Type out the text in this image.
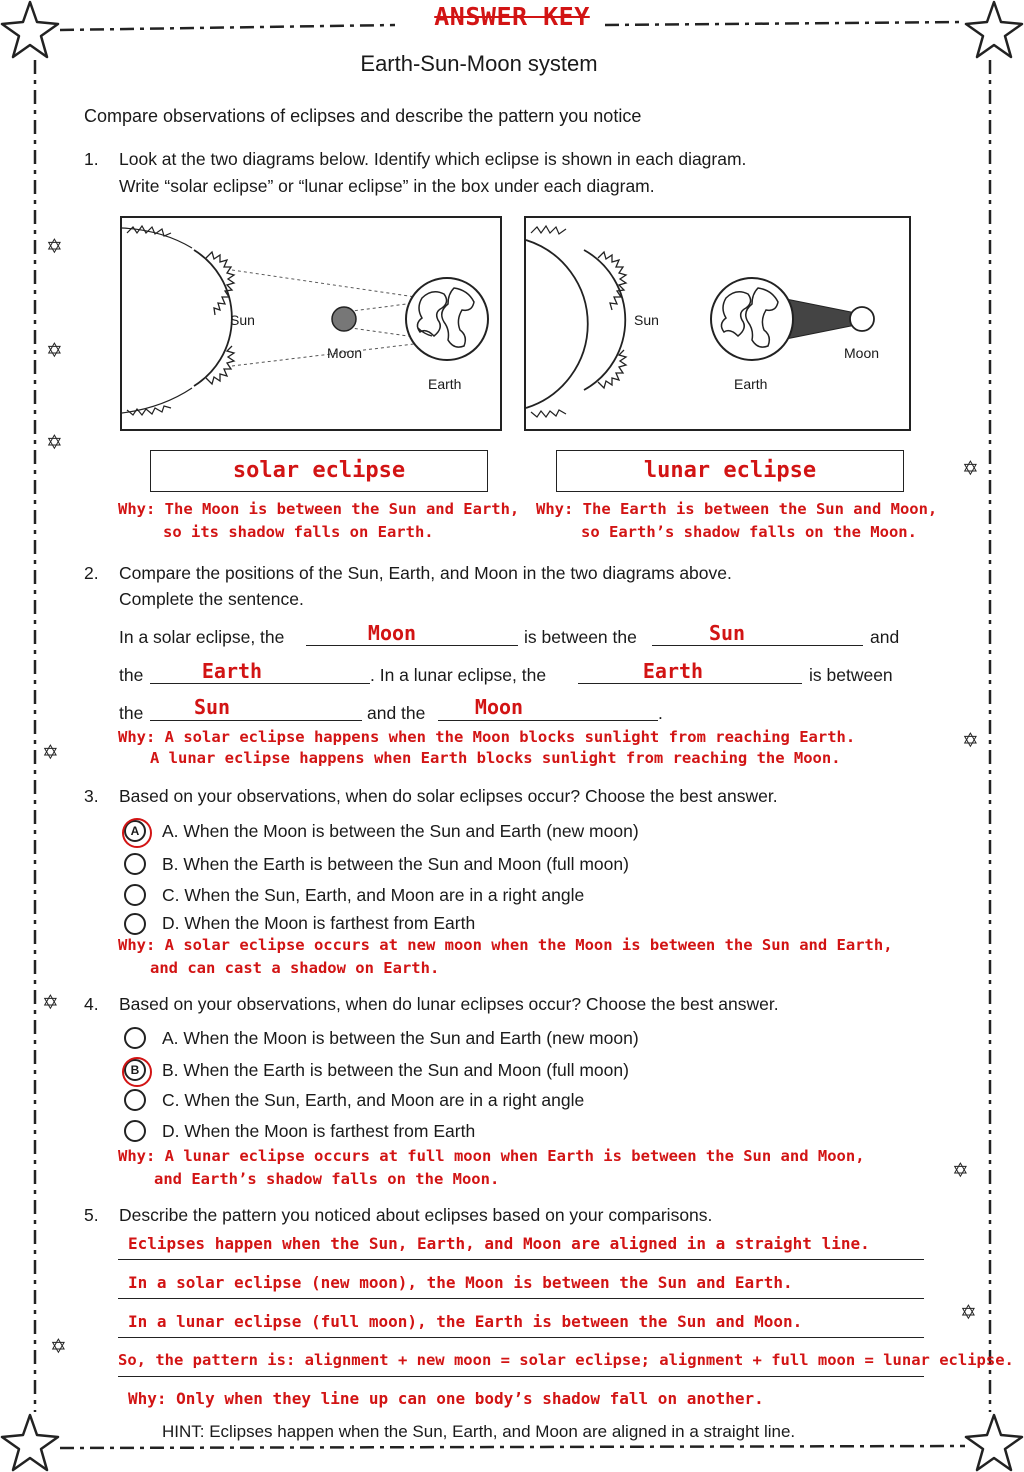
✡
✡
✡
✡
✡
✡
✡
✡
✡
✡
ANSWER KEY
Earth-Sun-Moon system
Compare observations of eclipses and describe the pattern you notice
1. Look at the two diagrams below. Identify which eclipse is shown in each diagram.
Write “solar eclipse” or “lunar eclipse” in the box under each diagram.
Sun
Moon
Earth
Sun
Moon
Earth
solar eclipse	lunar eclipse
Why: The Moon is between the Sun and Earth,
so its shadow falls on Earth.
Why: The Earth is between the Sun and Moon,
so Earth’s shadow falls on the Moon.
2. Compare the positions of the Sun, Earth, and Moon in the two diagrams above.
Complete the sentence.
In a solar eclipse, the	Moon	is between the	Sun	and
the	Earth	. In a lunar eclipse, the	Earth	is between
the	Sun	and the	Moon	.
Why: A solar eclipse happens when the Moon blocks sunlight from reaching Earth.
A lunar eclipse happens when Earth blocks sunlight from reaching the Moon.
3. Based on your observations, when do solar eclipses occur? Choose the best answer.
A	A. When the Moon is between the Sun and Earth (new moon)
B. When the Earth is between the Sun and Moon (full moon)
C. When the Sun, Earth, and Moon are in a right angle
D. When the Moon is farthest from Earth
Why: A solar eclipse occurs at new moon when the Moon is between the Sun and Earth,
and can cast a shadow on Earth.
4. Based on your observations, when do lunar eclipses occur? Choose the best answer.
A. When the Moon is between the Sun and Earth (new moon)
B	B. When the Earth is between the Sun and Moon (full moon)
C. When the Sun, Earth, and Moon are in a right angle
D. When the Moon is farthest from Earth
Why: A lunar eclipse occurs at full moon when Earth is between the Sun and Moon,
and Earth’s shadow falls on the Moon.
5. Describe the pattern you noticed about eclipses based on your comparisons.
Eclipses happen when the Sun, Earth, and Moon are aligned in a straight line.
In a solar eclipse (new moon), the Moon is between the Sun and Earth.
In a lunar eclipse (full moon), the Earth is between the Sun and Moon.
So, the pattern is: alignment + new moon = solar eclipse; alignment + full moon = lunar eclipse.
Why: Only when they line up can one body’s shadow fall on another.
HINT: Eclipses happen when the Sun, Earth, and Moon are aligned in a straight line.
